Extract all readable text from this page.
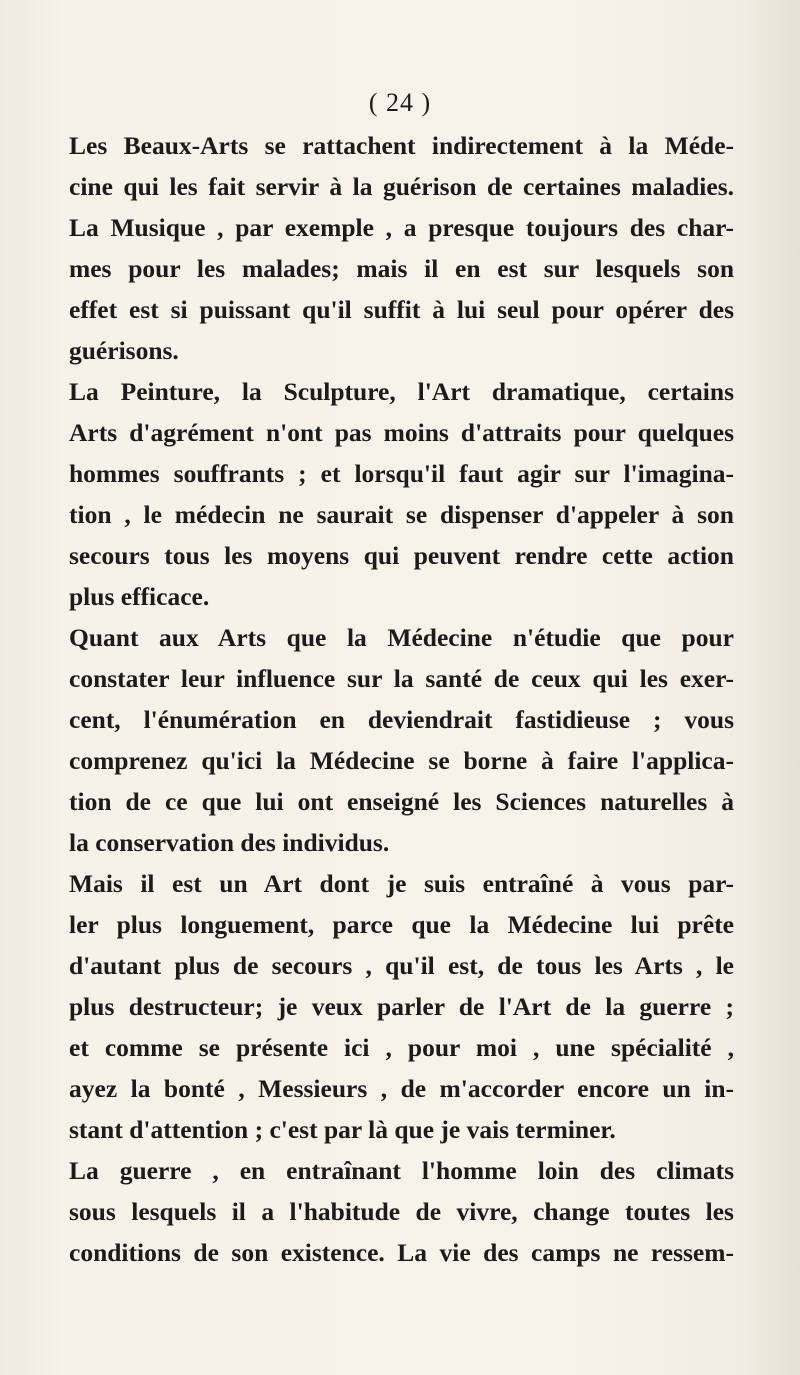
( 24 )
Les Beaux-Arts se rattachent indirectement à la Méde-
cine qui les fait servir à la guérison de certaines maladies.
La Musique , par exemple , a presque toujours des char-
mes pour les malades; mais il en est sur lesquels son
effet est si puissant qu'il suffit à lui seul pour opérer des
guérisons.
La Peinture, la Sculpture, l'Art dramatique, certains
Arts d'agrément n'ont pas moins d'attraits pour quelques
hommes souffrants ; et lorsqu'il faut agir sur l'imagina-
tion , le médecin ne saurait se dispenser d'appeler à son
secours tous les moyens qui peuvent rendre cette action
plus efficace.
Quant aux Arts que la Médecine n'étudie que pour
constater leur influence sur la santé de ceux qui les exer-
cent, l'énumération en deviendrait fastidieuse ; vous
comprenez qu'ici la Médecine se borne à faire l'applica-
tion de ce que lui ont enseigné les Sciences naturelles à
la conservation des individus.
Mais il est un Art dont je suis entraîné à vous par-
ler plus longuement, parce que la Médecine lui prête
d'autant plus de secours , qu'il est, de tous les Arts , le
plus destructeur; je veux parler de l'Art de la guerre ;
et comme se présente ici , pour moi , une spécialité ,
ayez la bonté , Messieurs , de m'accorder encore un in-
stant d'attention ; c'est par là que je vais terminer.
La guerre , en entraînant l'homme loin des climats
sous lesquels il a l'habitude de vivre, change toutes les
conditions de son existence. La vie des camps ne ressem-
